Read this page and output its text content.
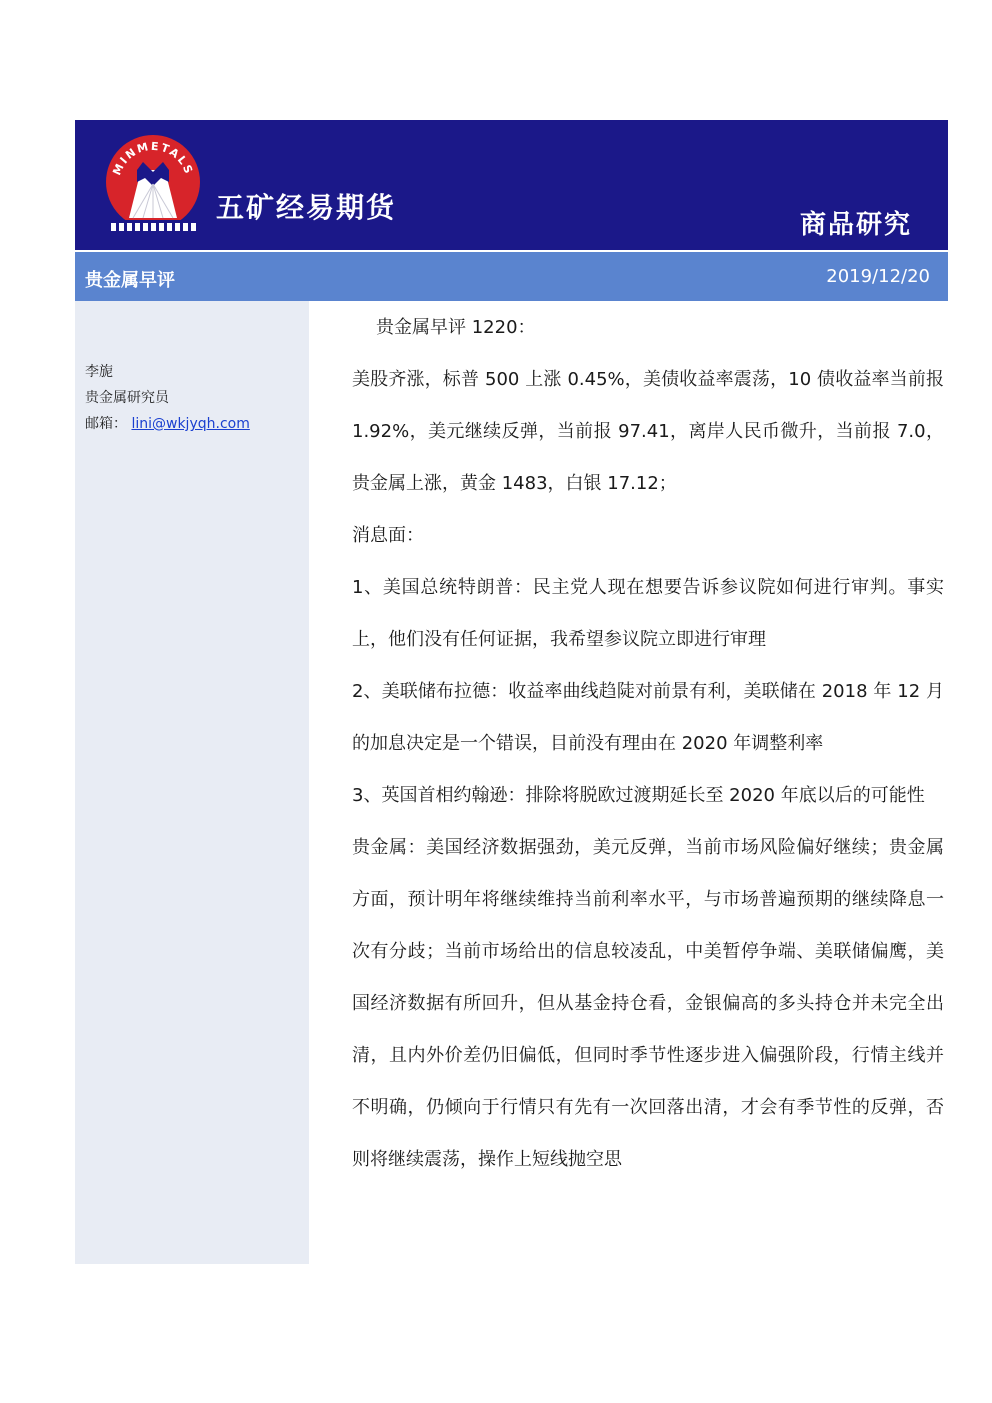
MINMETALS
五矿经易期货
商品研究
贵金属早评	2019/12/20
李旎
贵金属研究员
邮箱： lini@wkjyqh.com

贵金属早评 1220：

美股齐涨，标普 500 上涨 0.45%，美债收益率震荡，10 债收益率当前报 1.92%，美元继续反弹，当前报 97.41，离岸人民币微升，当前报 7.0，贵金属上涨，黄金 1483，白银 17.12；

消息面：

1、美国总统特朗普：民主党人现在想要告诉参议院如何进行审判。事实上，他们没有任何证据，我希望参议院立即进行审理

2、美联储布拉德：收益率曲线趋陡对前景有利，美联储在 2018 年 12 月的加息决定是一个错误，目前没有理由在 2020 年调整利率

3、英国首相约翰逊：排除将脱欧过渡期延长至 2020 年底以后的可能性

贵金属：美国经济数据强劲，美元反弹，当前市场风险偏好继续；贵金属方面，预计明年将继续维持当前利率水平，与市场普遍预期的继续降息一次有分歧；当前市场给出的信息较凌乱，中美暂停争端、美联储偏鹰，美国经济数据有所回升，但从基金持仓看，金银偏高的多头持仓并未完全出清，且内外价差仍旧偏低，但同时季节性逐步进入偏强阶段，行情主线并不明确，仍倾向于行情只有先有一次回落出清，才会有季节性的反弹，否则将继续震荡，操作上短线抛空思
